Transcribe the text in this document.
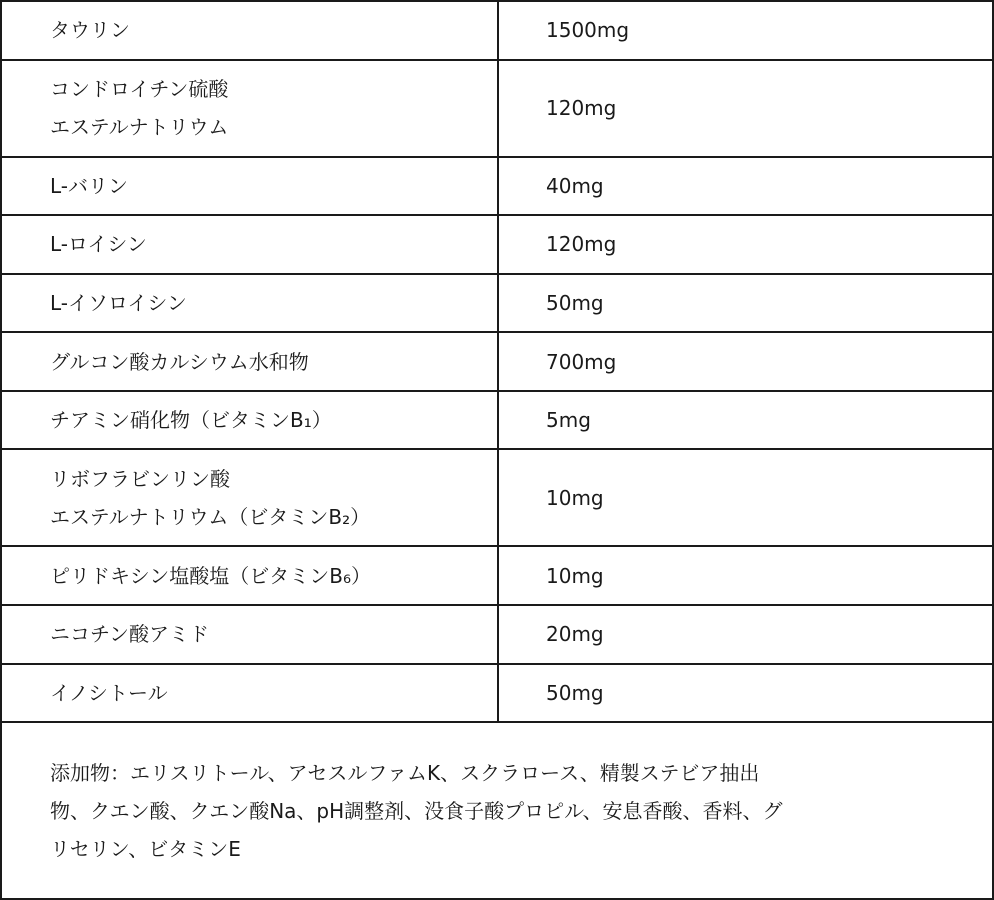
タウリン	1500mg

コンドロイチン硫酸
エステルナトリウム	120mg

L-バリン	40mg

L-ロイシン	120mg

L-イソロイシン	50mg

グルコン酸カルシウム水和物	700mg

チアミン硝化物（ビタミンB₁）	5mg

リボフラビンリン酸
エステルナトリウム（ビタミンB₂）	10mg

ピリドキシン塩酸塩（ビタミンB₆）	10mg

ニコチン酸アミド	20mg

イノシトール	50mg

添加物：エリスリトール、アセスルファムK、スクラロース、精製ステビア抽出
物、クエン酸、クエン酸Na、pH調整剤、没食子酸プロピル、安息香酸、香料、グ
リセリン、ビタミンE	
